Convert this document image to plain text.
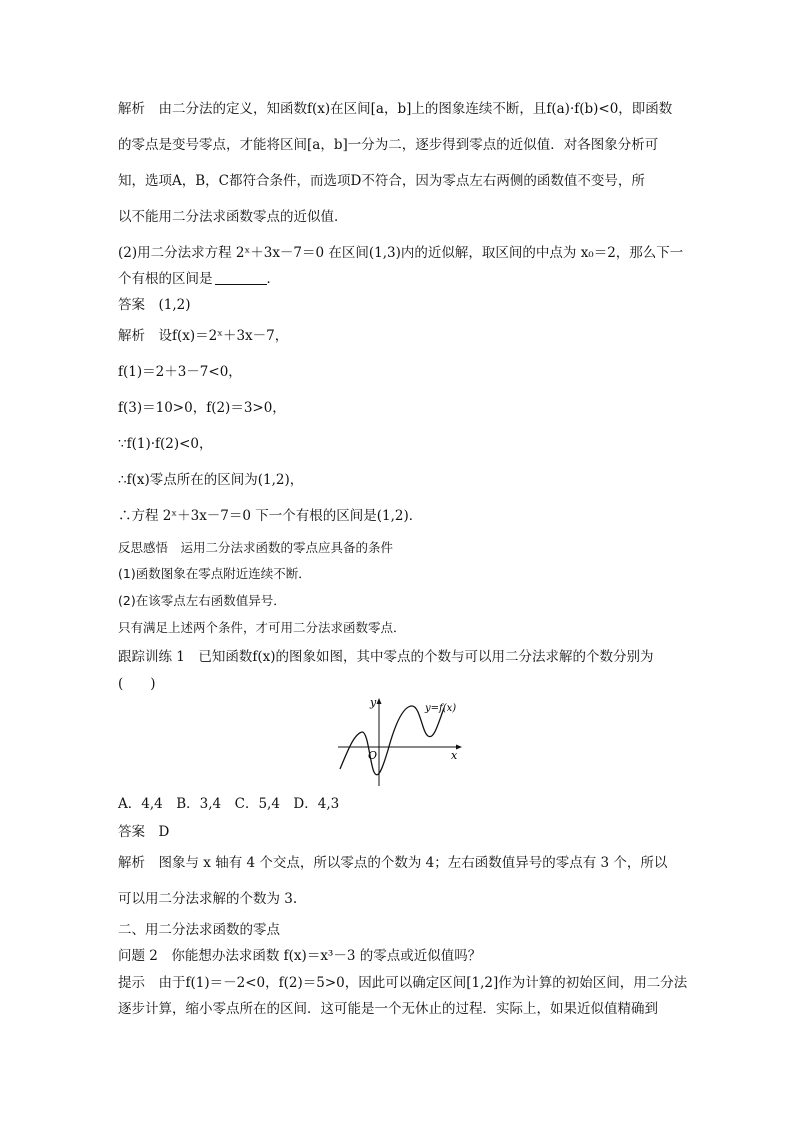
解析　由二分法的定义，知函数f(x)在区间[a，b]上的图象连续不断，且f(a)·f(b)<0，即函数
的零点是变号零点，才能将区间[a，b]一分为二，逐步得到零点的近似值．对各图象分析可
知，选项A，B，C都符合条件，而选项D不符合，因为零点左右两侧的函数值不变号，所
以不能用二分法求函数零点的近似值．
(2)用二分法求方程 2ˣ＋3x－7＝0 在区间(1,3)内的近似解，取区间的中点为 x₀＝2，那么下一
个有根的区间是	．
答案　(1,2)
解析　设f(x)＝2ˣ＋3x－7，
f(1)＝2＋3－7<0，
f(3)＝10>0，f(2)＝3>0，
∵f(1)·f(2)<0，
∴f(x)零点所在的区间为(1,2)，
∴方程 2ˣ＋3x－7＝0 下一个有根的区间是(1,2)．
反思感悟　运用二分法求函数的零点应具备的条件
(1)函数图象在零点附近连续不断．
(2)在该零点左右函数值异号．
只有满足上述两个条件，才可用二分法求函数零点．
跟踪训练 1　已知函数f(x)的图象如图，其中零点的个数与可以用二分法求解的个数分别为
(　　)
y
x
O
y=f(x)
A．4,4　B．3,4　C．5,4　D．4,3
答案　D
解析　图象与 x 轴有 4 个交点，所以零点的个数为 4；左右函数值异号的零点有 3 个，所以
可以用二分法求解的个数为 3.
二、用二分法求函数的零点
问题 2　你能想办法求函数 f(x)＝x³－3 的零点或近似值吗？
提示　由于f(1)＝－2<0，f(2)＝5>0，因此可以确定区间[1,2]作为计算的初始区间，用二分法
逐步计算，缩小零点所在的区间．这可能是一个无休止的过程．实际上，如果近似值精确到
